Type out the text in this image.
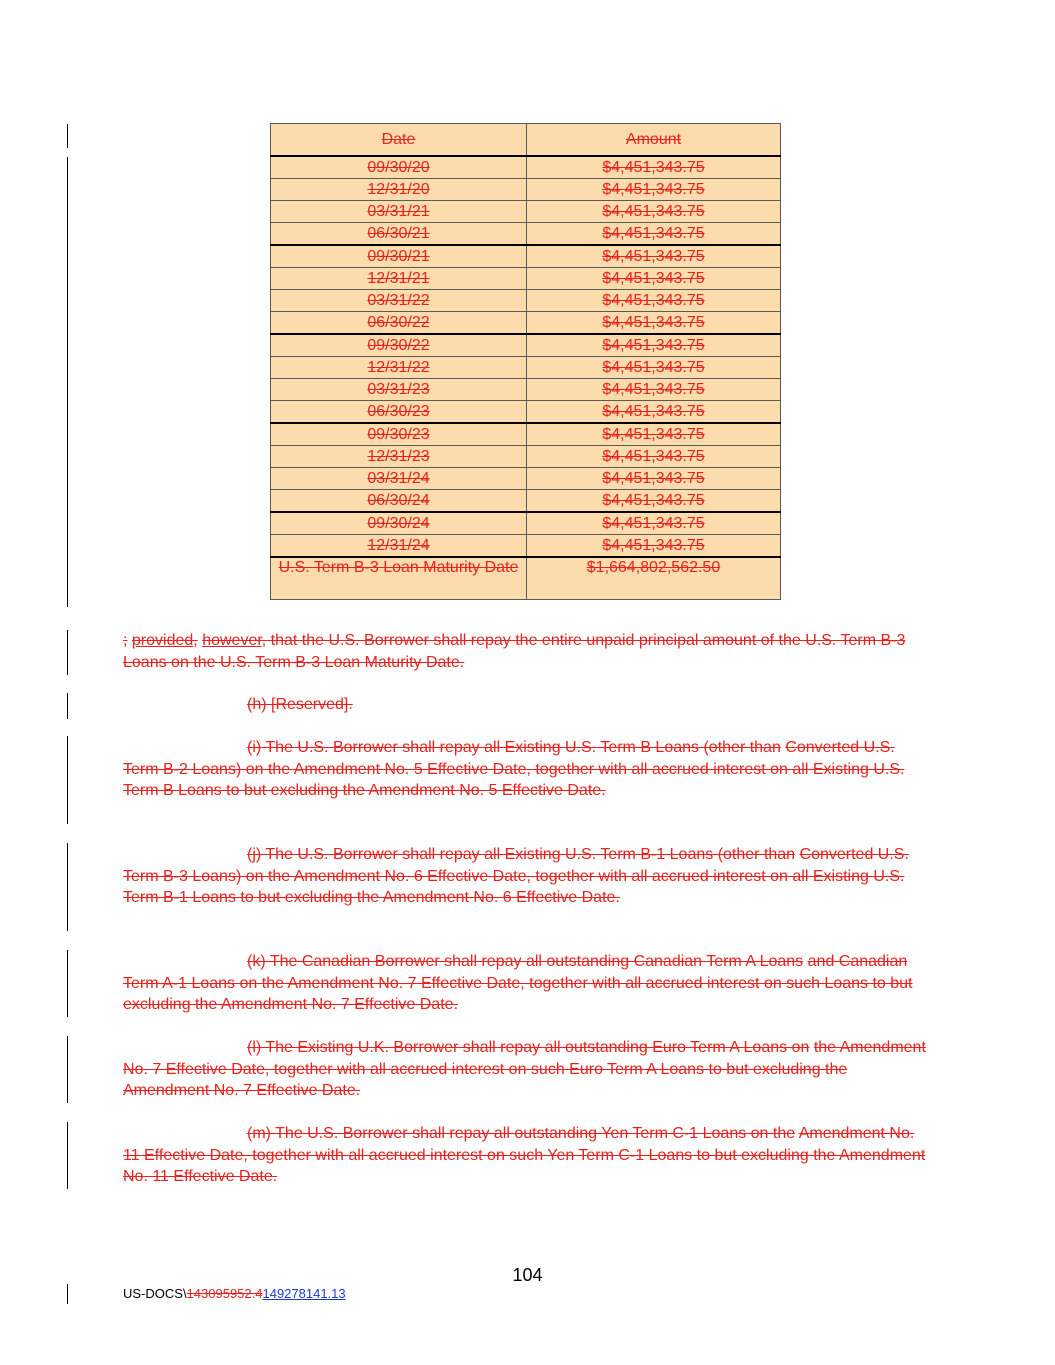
Date	Amount
09/30/20	$4,451,343.75
12/31/20	$4,451,343.75
03/31/21	$4,451,343.75
06/30/21	$4,451,343.75
09/30/21	$4,451,343.75
12/31/21	$4,451,343.75
03/31/22	$4,451,343.75
06/30/22	$4,451,343.75
09/30/22	$4,451,343.75
12/31/22	$4,451,343.75
03/31/23	$4,451,343.75
06/30/23	$4,451,343.75
09/30/23	$4,451,343.75
12/31/23	$4,451,343.75
03/31/24	$4,451,343.75
06/30/24	$4,451,343.75
09/30/24	$4,451,343.75
12/31/24	$4,451,343.75
U.S. Term B-3 Loan Maturity Date	$1,664,802,562.50
; provided, however, that the U.S. Borrower shall repay the entire unpaid principal amount of the U.S. Term B-3 Loans on the U.S. Term B-3 Loan Maturity Date.
(h) [Reserved].
(i) The U.S. Borrower shall repay all Existing U.S. Term B Loans (other than Converted U.S. Term B-2 Loans) on the Amendment No. 5 Effective Date, together with all accrued interest on all Existing U.S. Term B Loans to but excluding the Amendment No. 5 Effective Date.
(j) The U.S. Borrower shall repay all Existing U.S. Term B-1 Loans (other than Converted U.S. Term B-3 Loans) on the Amendment No. 6 Effective Date, together with all accrued interest on all Existing U.S. Term B-1 Loans to but excluding the Amendment No. 6 Effective Date.
(k) The Canadian Borrower shall repay all outstanding Canadian Term A Loans and Canadian Term A-1 Loans on the Amendment No. 7 Effective Date, together with all accrued interest on such Loans to but excluding the Amendment No. 7 Effective Date.
(l) The Existing U.K. Borrower shall repay all outstanding Euro Term A Loans on the Amendment No. 7 Effective Date, together with all accrued interest on such Euro Term A Loans to but excluding the Amendment No. 7 Effective Date.
(m) The U.S. Borrower shall repay all outstanding Yen Term C-1 Loans on the Amendment No. 11 Effective Date, together with all accrued interest on such Yen Term C-1 Loans to but excluding the Amendment No. 11 Effective Date.
104
US-DOCS\143095952.4149278141.13
